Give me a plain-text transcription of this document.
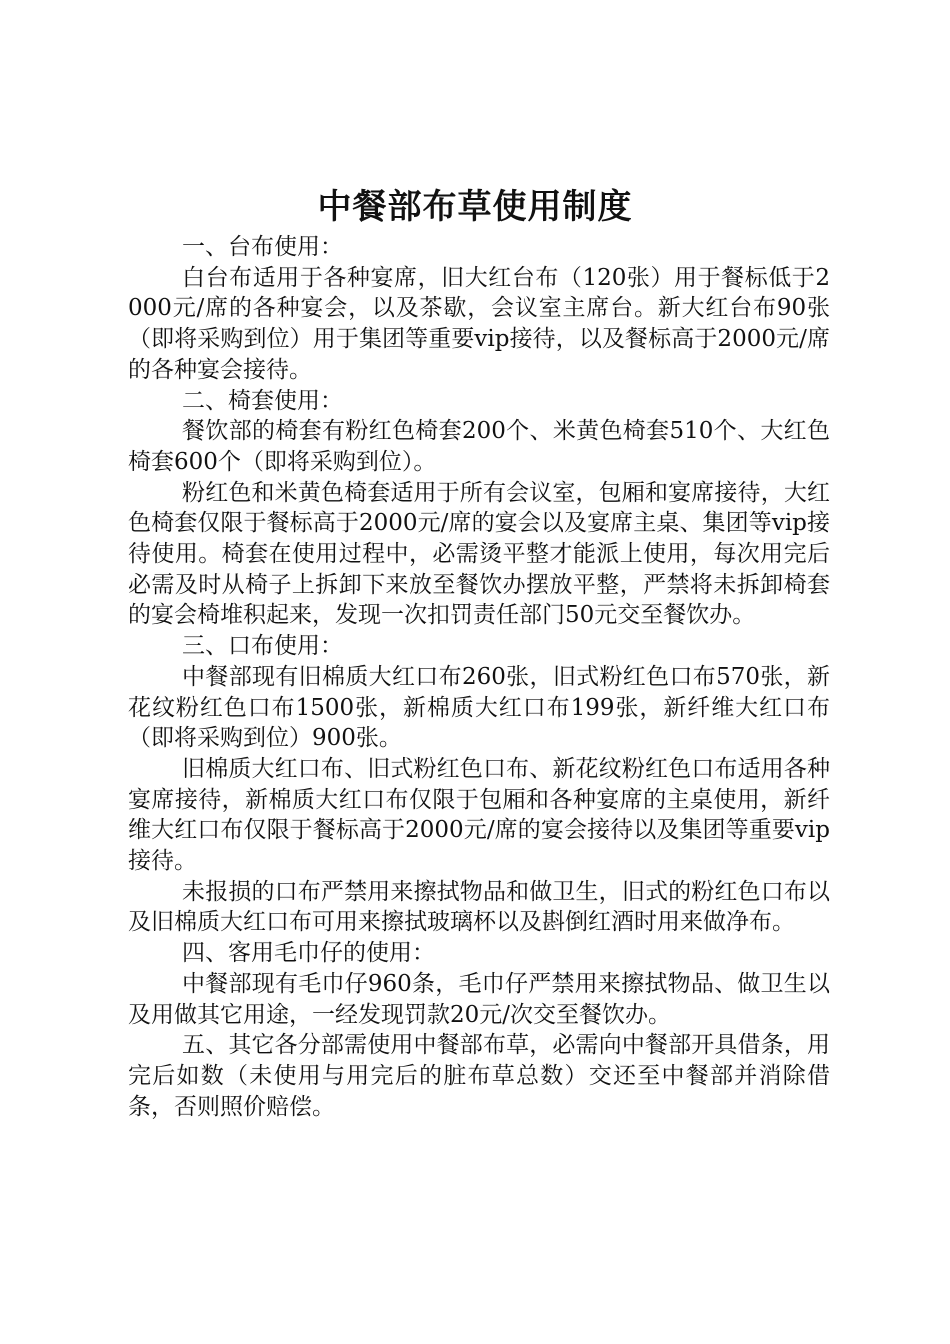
中餐部布草使用制度

一、台布使用：

白台布适用于各种宴席，旧大红台布（120张）用于餐标低于2000元/席的各种宴会，以及茶歇，会议室主席台。新大红台布90张（即将采购到位）用于集团等重要vip接待，以及餐标高于2000元/席的各种宴会接待。

二、椅套使用：

餐饮部的椅套有粉红色椅套200个、米黄色椅套510个、大红色椅套600个（即将采购到位）。

粉红色和米黄色椅套适用于所有会议室，包厢和宴席接待，大红色椅套仅限于餐标高于2000元/席的宴会以及宴席主桌、集团等vip接待使用。椅套在使用过程中，必需烫平整才能派上使用，每次用完后必需及时从椅子上拆卸下来放至餐饮办摆放平整，严禁将未拆卸椅套的宴会椅堆积起来，发现一次扣罚责任部门50元交至餐饮办。

三、口布使用：

中餐部现有旧棉质大红口布260张，旧式粉红色口布570张，新花纹粉红色口布1500张，新棉质大红口布199张，新纤维大红口布（即将采购到位）900张。

旧棉质大红口布、旧式粉红色口布、新花纹粉红色口布适用各种宴席接待，新棉质大红口布仅限于包厢和各种宴席的主桌使用，新纤维大红口布仅限于餐标高于2000元/席的宴会接待以及集团等重要vip接待。

未报损的口布严禁用来擦拭物品和做卫生，旧式的粉红色口布以及旧棉质大红口布可用来擦拭玻璃杯以及斟倒红酒时用来做净布。

四、客用毛巾仔的使用：

中餐部现有毛巾仔960条，毛巾仔严禁用来擦拭物品、做卫生以及用做其它用途，一经发现罚款20元/次交至餐饮办。

五、其它各分部需使用中餐部布草，必需向中餐部开具借条，用完后如数（未使用与用完后的脏布草总数）交还至中餐部并消除借条，否则照价赔偿。
